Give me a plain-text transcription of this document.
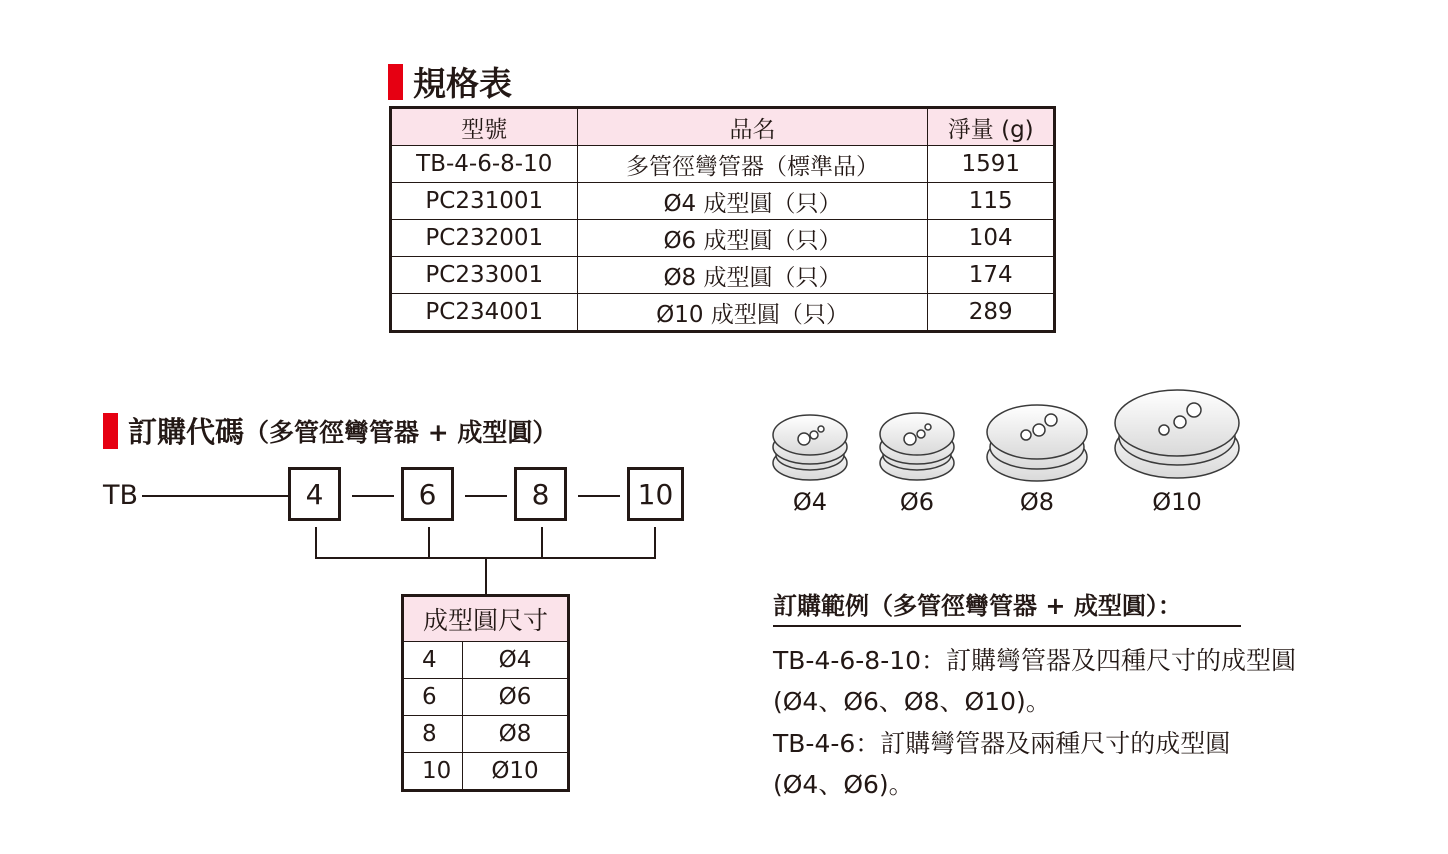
規格表
型號	品名	淨量 (g)
TB-4-6-8-10	多管徑彎管器（標準品）	1591
PC231001	Ø4 成型圓（只）	115
PC232001	Ø6 成型圓（只）	104
PC233001	Ø8 成型圓（只）	174
PC234001	Ø10 成型圓（只）	289
訂購代碼 （多管徑彎管器 + 成型圓）
TB	4	6	8	10
成型圓尺寸	
4	Ø4
6	Ø6
8	Ø8
10	Ø10
Ø4	Ø6	Ø8	Ø10
訂購範例（多管徑彎管器 + 成型圓）：
TB-4-6-8-10：訂購彎管器及四種尺寸的成型圓
(Ø4、Ø6、Ø8、Ø10)。
TB-4-6：訂購彎管器及兩種尺寸的成型圓
(Ø4、Ø6)。
